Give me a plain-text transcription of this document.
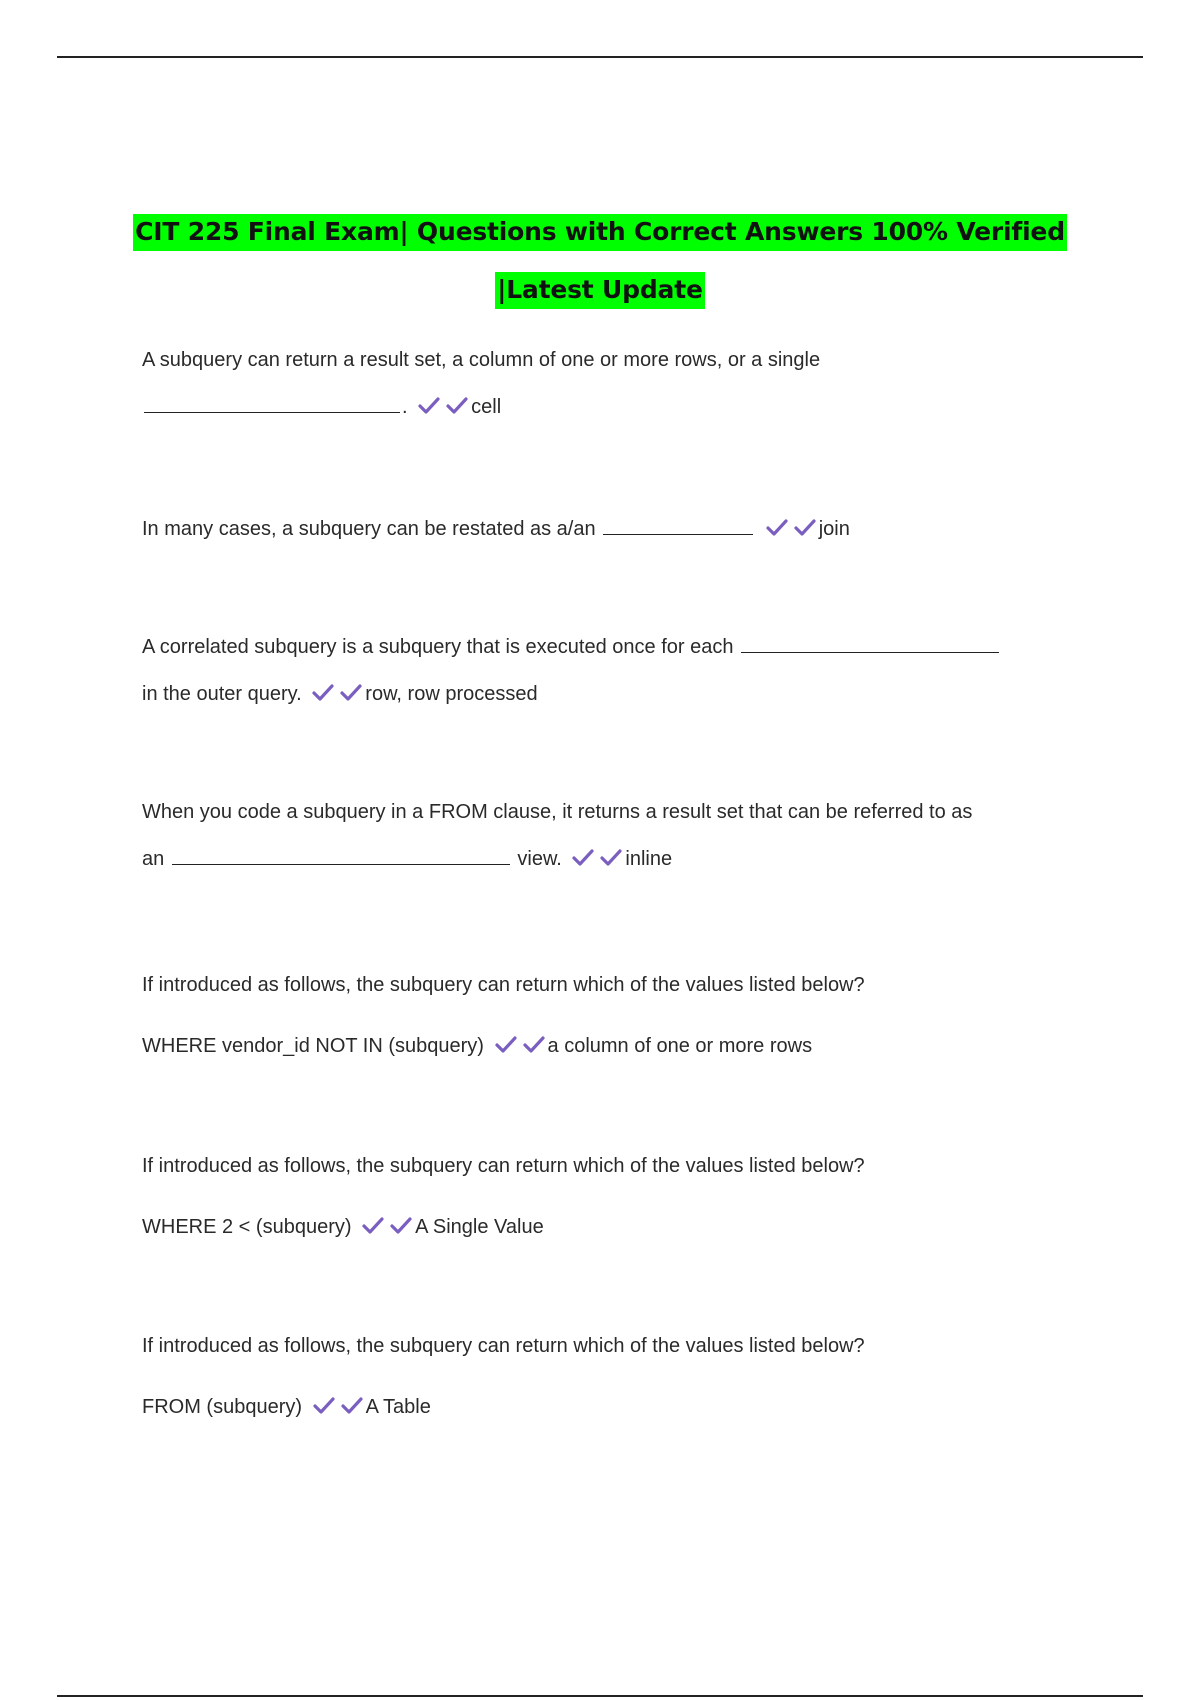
CIT 225 Final Exam| Questions with Correct Answers 100% Verified
|Latest Update
A subquery can return a result set, a column of one or more rows, or a single
.	cell
In many cases, a subquery can be restated as a/an	join
A correlated subquery is a subquery that is executed once for each
in the outer query.	row, row processed
When you code a subquery in a FROM clause, it returns a result set that can be referred to as
an	view.	inline
If introduced as follows, the subquery can return which of the values listed below?
WHERE vendor_id NOT IN (subquery)	a column of one or more rows
If introduced as follows, the subquery can return which of the values listed below?
WHERE 2 < (subquery)	A Single Value
If introduced as follows, the subquery can return which of the values listed below?
FROM (subquery)	A Table
